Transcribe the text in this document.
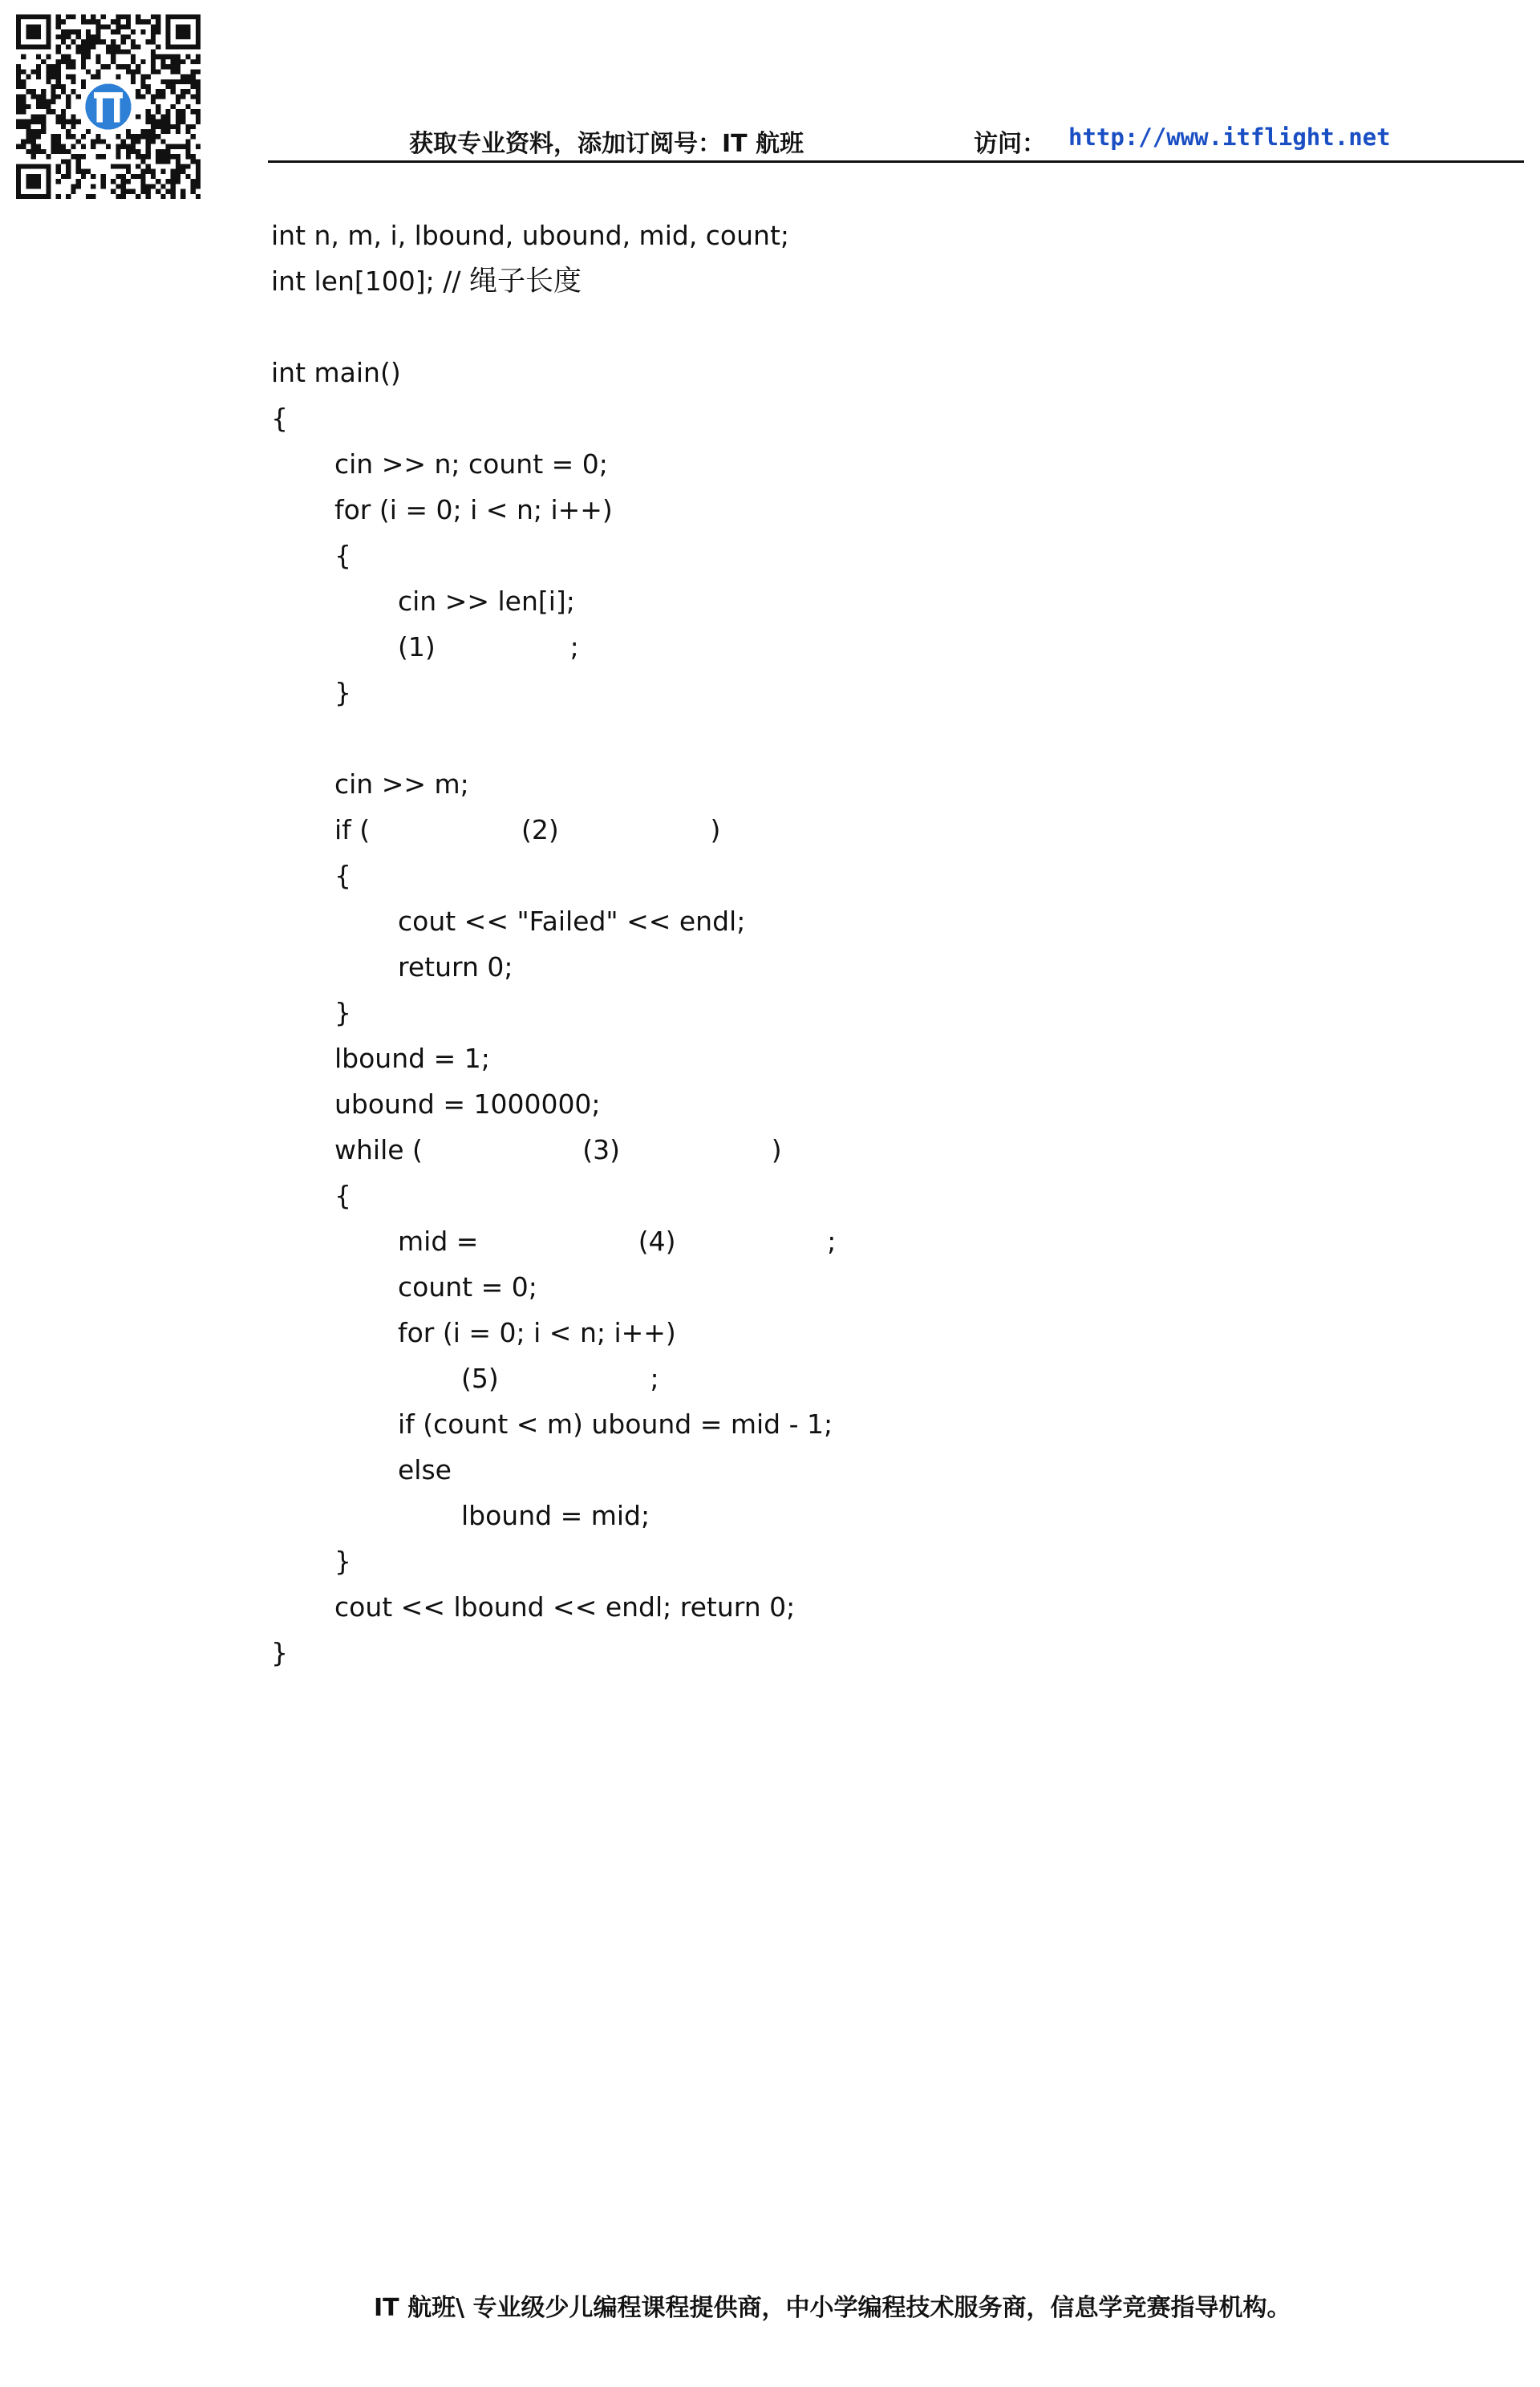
获取专业资料，添加订阅号：IT 航班	访问： http://www.itflight.net
int n, m, i, lbound, ubound, mid, count;
int len[100]; // 绳子长度
int main()
{
cin >> n; count = 0;
for (i = 0; i < n; i++)
{
cin >> len[i];
(1)                ;
}
cin >> m;
if (                  (2)                  )
{
cout << "Failed" << endl;
return 0;
}
lbound = 1;
ubound = 1000000;
while (                   (3)                  )
{
mid =                   (4)                  ;
count = 0;
for (i = 0; i < n; i++)
(5)                  ;
if (count < m) ubound = mid - 1;
else
lbound = mid;
}
cout << lbound << endl; return 0;
}
IT 航班\ 专业级少儿编程课程提供商，中小学编程技术服务商，信息学竞赛指导机构。
